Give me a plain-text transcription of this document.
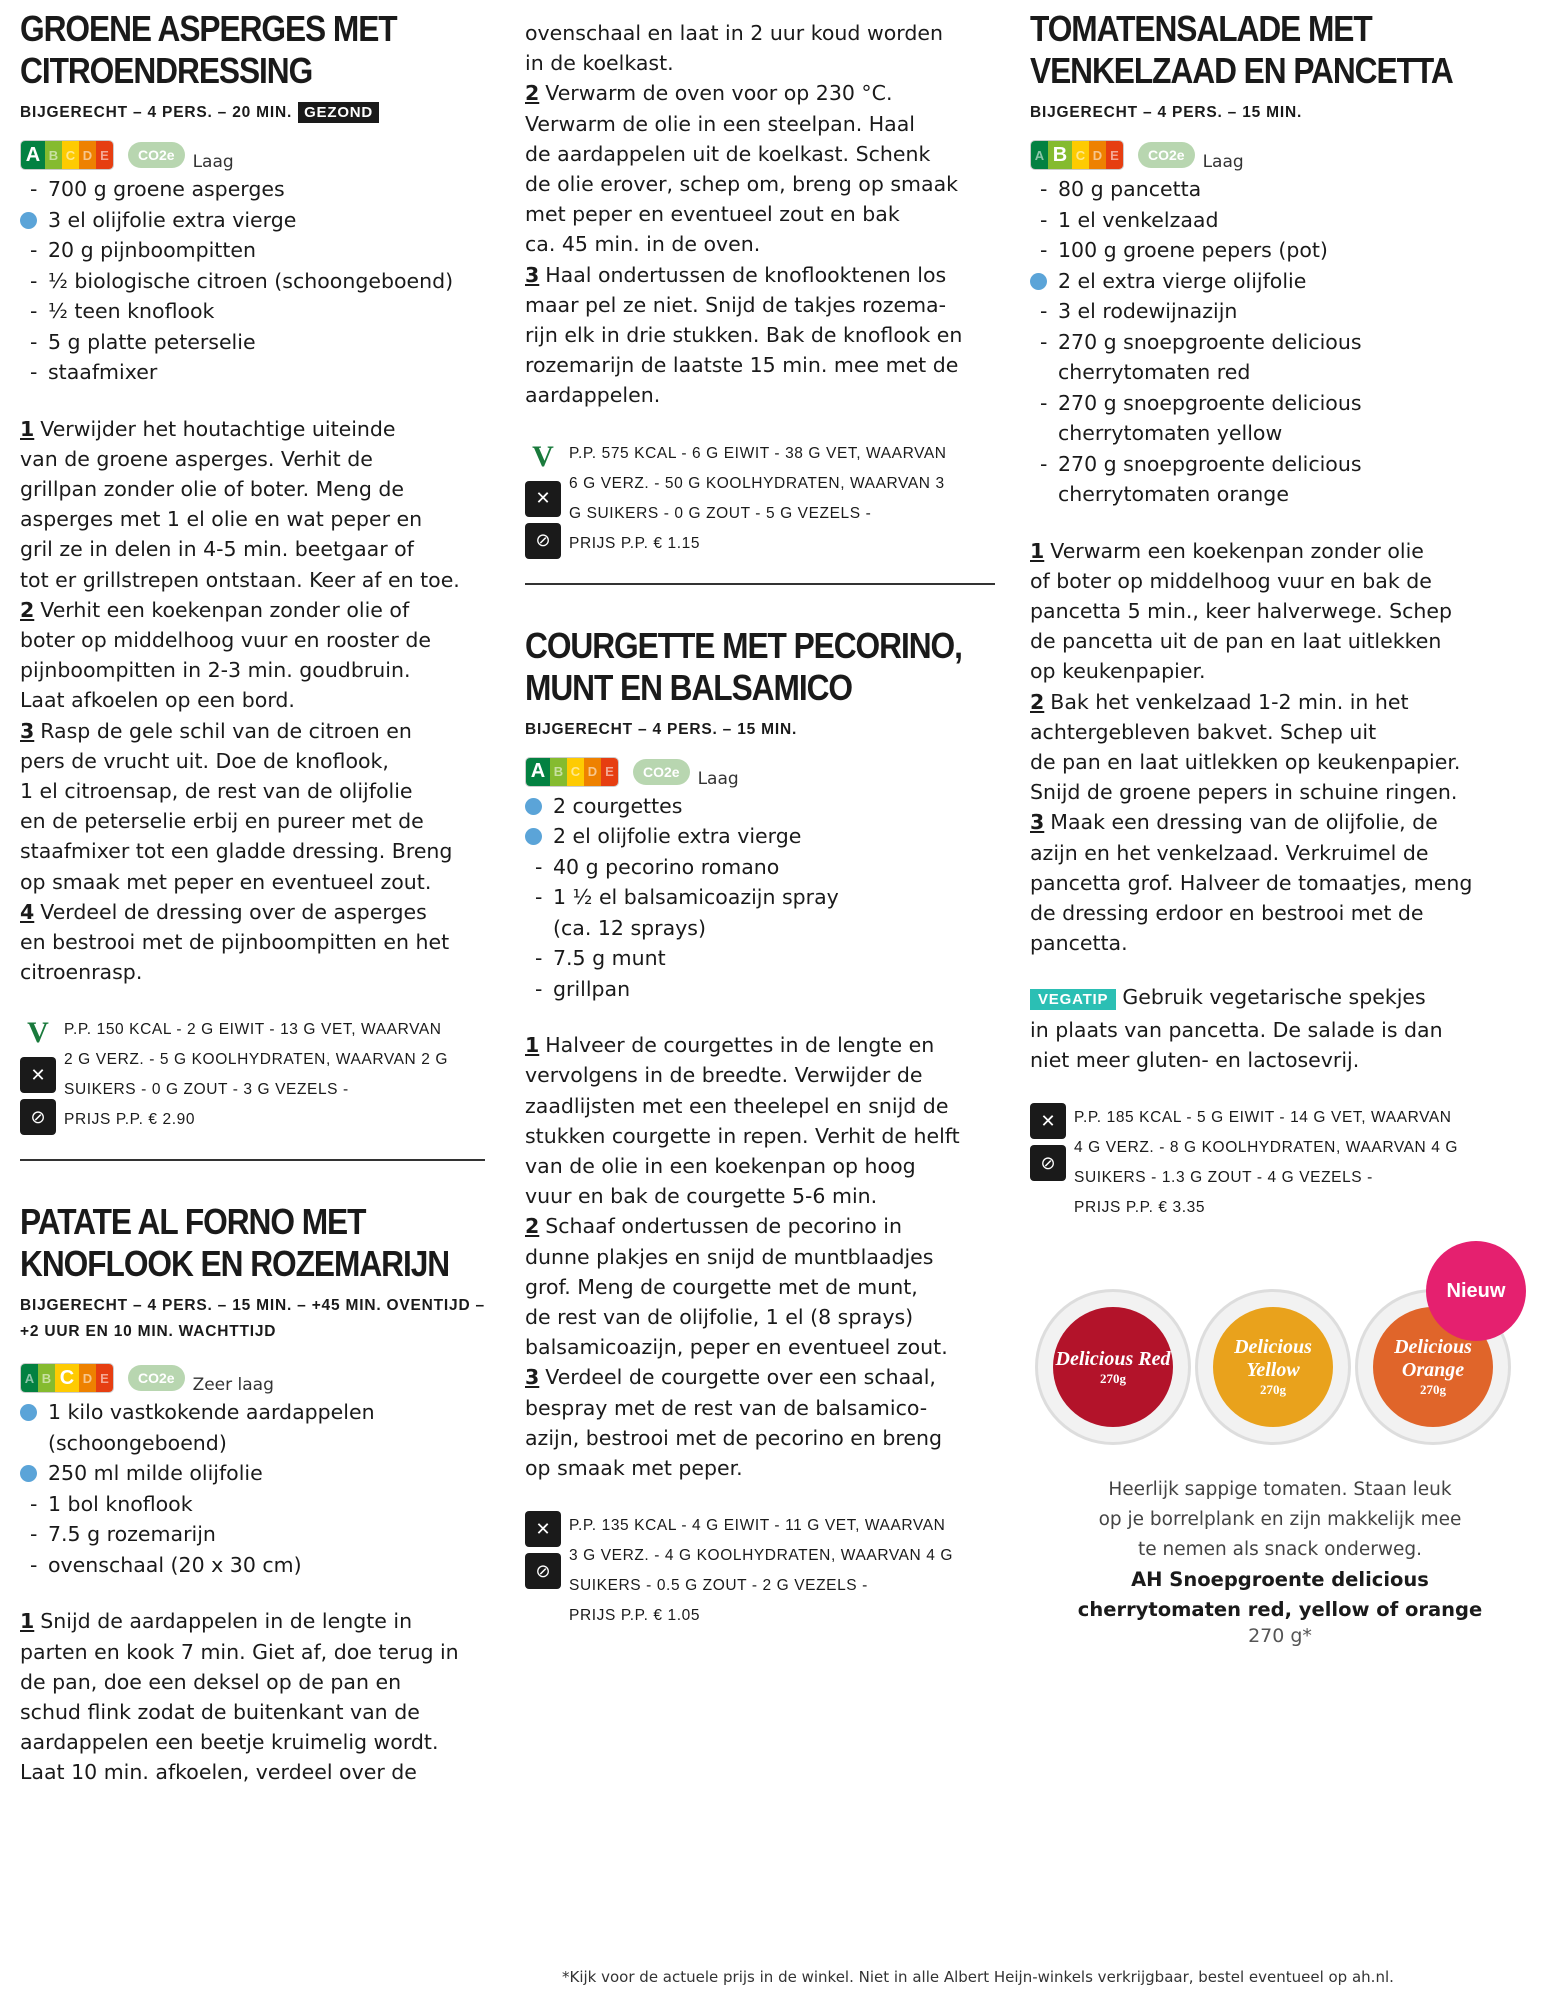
GROENE ASPERGES MET
CITROENDRESSING
BIJGERECHT – 4 PERS. – 20 MIN. GEZOND
A B C D E	CO2e	Laag
- 700 g groene asperges
3 el olijfolie extra vierge
- 20 g pijnboompitten
- ½ biologische citroen (schoongeboend)
- ½ teen knoflook
- 5 g platte peterselie
- staafmixer

1 Verwijder het houtachtige uiteinde
van de groene asperges. Verhit de
grillpan zonder olie of boter. Meng de
asperges met 1 el olie en wat peper en
gril ze in delen in 4-5 min. beetgaar of
tot er grillstrepen ontstaan. Keer af en toe.

2 Verhit een koekenpan zonder olie of
boter op middelhoog vuur en rooster de
pijnboompitten in 2-3 min. goudbruin.
Laat afkoelen op een bord.

3 Rasp de gele schil van de citroen en
pers de vrucht uit. Doe de knoflook,
1 el citroensap, de rest van de olijfolie
en de peterselie erbij en pureer met de
staafmixer tot een gladde dressing. Breng
op smaak met peper en eventueel zout.

4 Verdeel de dressing over de asperges
en bestrooi met de pijnboompitten en het
citroenrasp.

V
✕
⊘
P.P. 150 KCAL - 2 G EIWIT - 13 G VET, WAARVAN
2 G VERZ. - 5 G KOOLHYDRATEN, WAARVAN 2 G
SUIKERS - 0 G ZOUT - 3 G VEZELS -
PRIJS P.P. € 2.90
PATATE AL FORNO MET
KNOFLOOK EN ROZEMARIJN
BIJGERECHT – 4 PERS. – 15 MIN. – +45 MIN. OVENTIJD – +2 UUR EN 10 MIN. WACHTTIJD
A B C D E	CO2e	Zeer laag
1 kilo vastkokende aardappelen
(schoongeboend)
250 ml milde olijfolie
- 1 bol knoflook
- 7.5 g rozemarijn
- ovenschaal (20 x 30 cm)

1 Snijd de aardappelen in de lengte in
parten en kook 7 min. Giet af, doe terug in
de pan, doe een deksel op de pan en
schud flink zodat de buitenkant van de
aardappelen een beetje kruimelig wordt.
Laat 10 min. afkoelen, verdeel over de

ovenschaal en laat in 2 uur koud worden
in de koelkast.

2 Verwarm de oven voor op 230 °C.
Verwarm de olie in een steelpan. Haal
de aardappelen uit de koelkast. Schenk
de olie erover, schep om, breng op smaak
met peper en eventueel zout en bak
ca. 45 min. in de oven.

3 Haal ondertussen de knoflooktenen los
maar pel ze niet. Snijd de takjes rozema-
rijn elk in drie stukken. Bak de knoflook en
rozemarijn de laatste 15 min. mee met de
aardappelen.

V
✕
⊘
P.P. 575 KCAL - 6 G EIWIT - 38 G VET, WAARVAN
6 G VERZ. - 50 G KOOLHYDRATEN, WAARVAN 3
G SUIKERS - 0 G ZOUT - 5 G VEZELS -
PRIJS P.P. € 1.15
COURGETTE MET PECORINO,
MUNT EN BALSAMICO
BIJGERECHT – 4 PERS. – 15 MIN.
A B C D E	CO2e	Laag
2 courgettes
2 el olijfolie extra vierge
- 40 g pecorino romano
- 1 ½ el balsamicoazijn spray
(ca. 12 sprays)
- 7.5 g munt
- grillpan

1 Halveer de courgettes in de lengte en
vervolgens in de breedte. Verwijder de
zaadlijsten met een theelepel en snijd de
stukken courgette in repen. Verhit de helft
van de olie in een koekenpan op hoog
vuur en bak de courgette 5-6 min.

2 Schaaf ondertussen de pecorino in
dunne plakjes en snijd de muntblaadjes
grof. Meng de courgette met de munt,
de rest van de olijfolie, 1 el (8 sprays)
balsamicoazijn, peper en eventueel zout.

3 Verdeel de courgette over een schaal,
bespray met de rest van de balsamico-
azijn, bestrooi met de pecorino en breng
op smaak met peper.

✕
⊘
P.P. 135 KCAL - 4 G EIWIT - 11 G VET, WAARVAN
3 G VERZ. - 4 G KOOLHYDRATEN, WAARVAN 4 G
SUIKERS - 0.5 G ZOUT - 2 G VEZELS -
PRIJS P.P. € 1.05
TOMATENSALADE MET
VENKELZAAD EN PANCETTA
BIJGERECHT – 4 PERS. – 15 MIN.
A B C D E	CO2e	Laag
- 80 g pancetta
- 1 el venkelzaad
- 100 g groene pepers (pot)
2 el extra vierge olijfolie
- 3 el rodewijnazijn
- 270 g snoepgroente delicious
cherrytomaten red
- 270 g snoepgroente delicious
cherrytomaten yellow
- 270 g snoepgroente delicious
cherrytomaten orange

1 Verwarm een koekenpan zonder olie
of boter op middelhoog vuur en bak de
pancetta 5 min., keer halverwege. Schep
de pancetta uit de pan en laat uitlekken
op keukenpapier.

2 Bak het venkelzaad 1-2 min. in het
achtergebleven bakvet. Schep uit
de pan en laat uitlekken op keukenpapier.
Snijd de groene pepers in schuine ringen.

3 Maak een dressing van de olijfolie, de
azijn en het venkelzaad. Verkruimel de
pancetta grof. Halveer de tomaatjes, meng
de dressing erdoor en bestrooi met de
pancetta.

VEGATIP Gebruik vegetarische spekjes
in plaats van pancetta. De salade is dan
niet meer gluten- en lactosevrij.
✕
⊘
P.P. 185 KCAL - 5 G EIWIT - 14 G VET, WAARVAN
4 G VERZ. - 8 G KOOLHYDRATEN, WAARVAN 4 G
SUIKERS - 1.3 G ZOUT - 4 G VEZELS -
PRIJS P.P. € 3.35
Delicious Red
270g
Delicious Yellow
270g
Delicious Orange
270g
Nieuw
Heerlijk sappige tomaten. Staan leuk
op je borrelplank en zijn makkelijk mee
te nemen als snack onderweg.
AH Snoepgroente delicious
cherrytomaten red, yellow of orange
270 g*
*Kijk voor de actuele prijs in de winkel. Niet in alle Albert Heijn-winkels verkrijgbaar, bestel eventueel op ah.nl.
